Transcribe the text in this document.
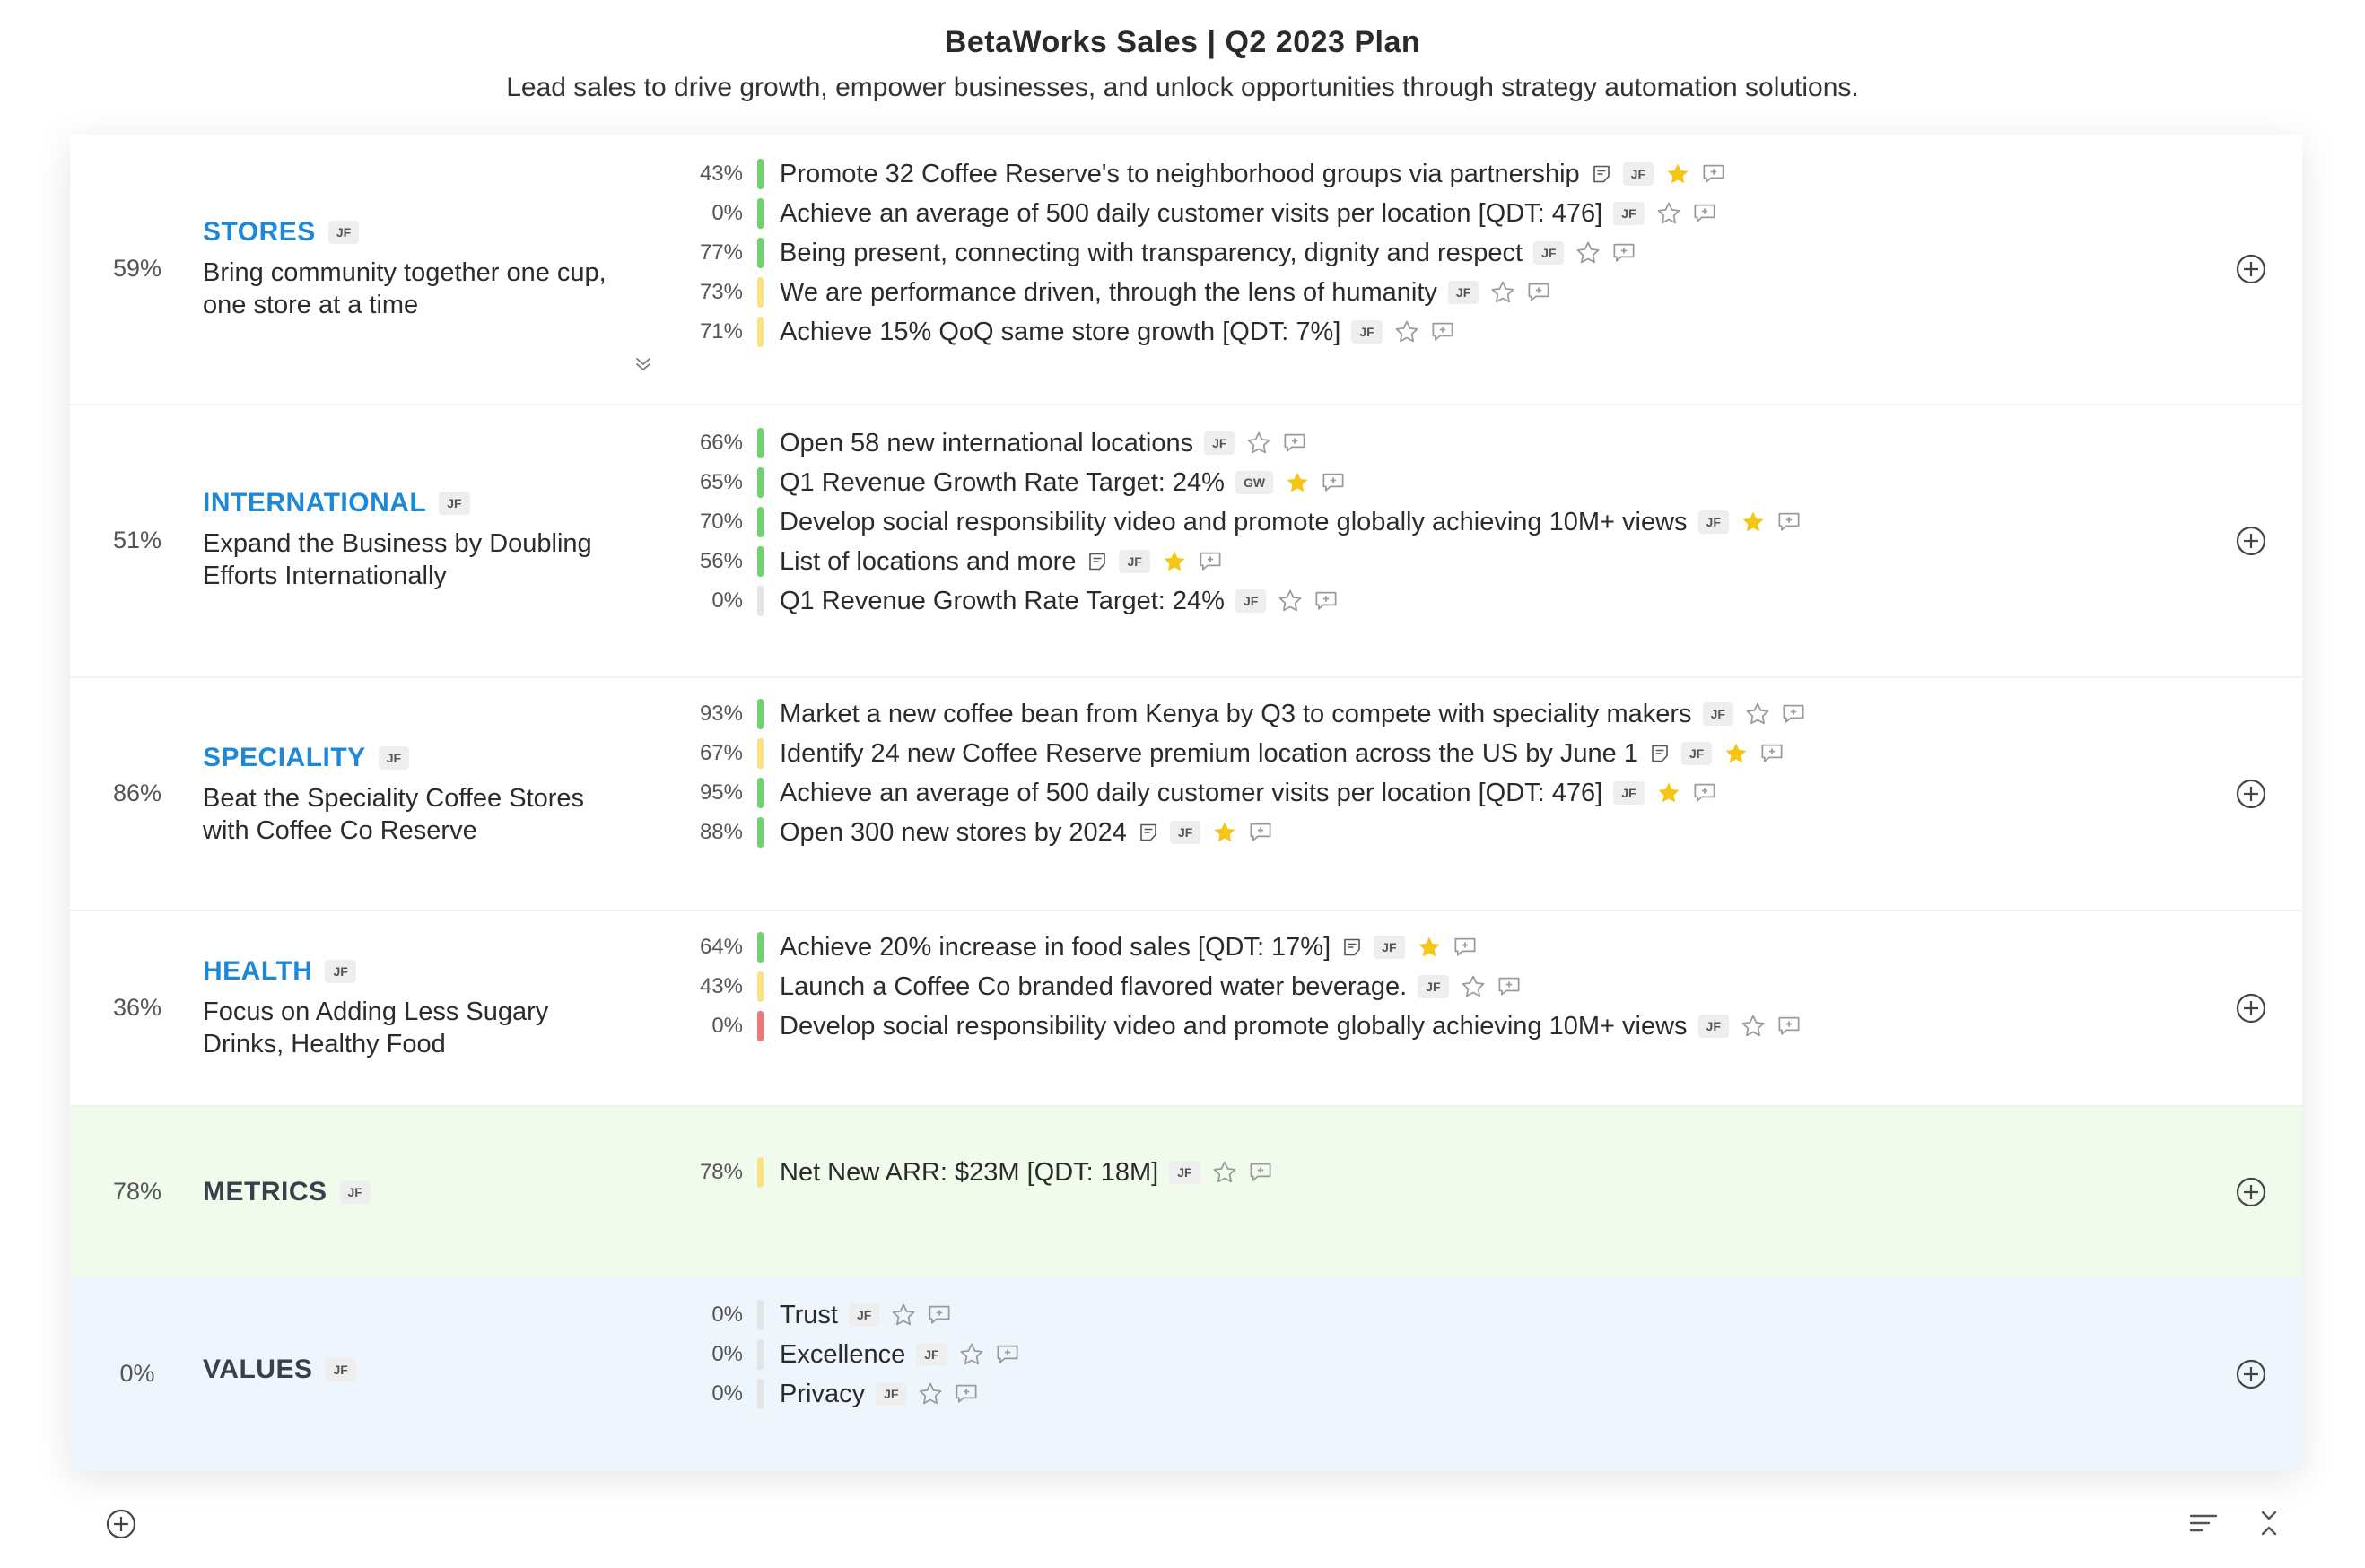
BetaWorks Sales | Q2 2023 Plan
Lead sales to drive growth, empower businesses, and unlock opportunities through strategy automation solutions.
59%
STORES	JF
Bring community together one cup, one store at a time
43% Promote 32 Coffee Reserve's to neighborhood groups via partnership	JF
0% Achieve an average of 500 daily customer visits per location [QDT: 476]	JF
77% Being present, connecting with transparency, dignity and respect	JF
73% We are performance driven, through the lens of humanity	JF
71% Achieve 15% QoQ same store growth [QDT: 7%]	JF
51%
INTERNATIONAL	JF
Expand the Business by Doubling Efforts Internationally
66% Open 58 new international locations	JF
65% Q1 Revenue Growth Rate Target: 24%	GW
70% Develop social responsibility video and promote globally achieving 10M+ views	JF
56% List of locations and more	JF
0% Q1 Revenue Growth Rate Target: 24%	JF
86%
SPECIALITY	JF
Beat the Speciality Coffee Stores with Coffee Co Reserve
93% Market a new coffee bean from Kenya by Q3 to compete with speciality makers	JF
67% Identify 24 new Coffee Reserve premium location across the US by June 1	JF
95% Achieve an average of 500 daily customer visits per location [QDT: 476]	JF
88% Open 300 new stores by 2024	JF
36%
HEALTH	JF
Focus on Adding Less Sugary Drinks, Healthy Food
64% Achieve 20% increase in food sales [QDT: 17%]	JF
43% Launch a Coffee Co branded flavored water beverage.	JF
0% Develop social responsibility video and promote globally achieving 10M+ views	JF
78%	METRICS	JF
78% Net New ARR: $23M [QDT: 18M]	JF
0%	VALUES	JF
0% Trust	JF
0% Excellence	JF
0% Privacy	JF
